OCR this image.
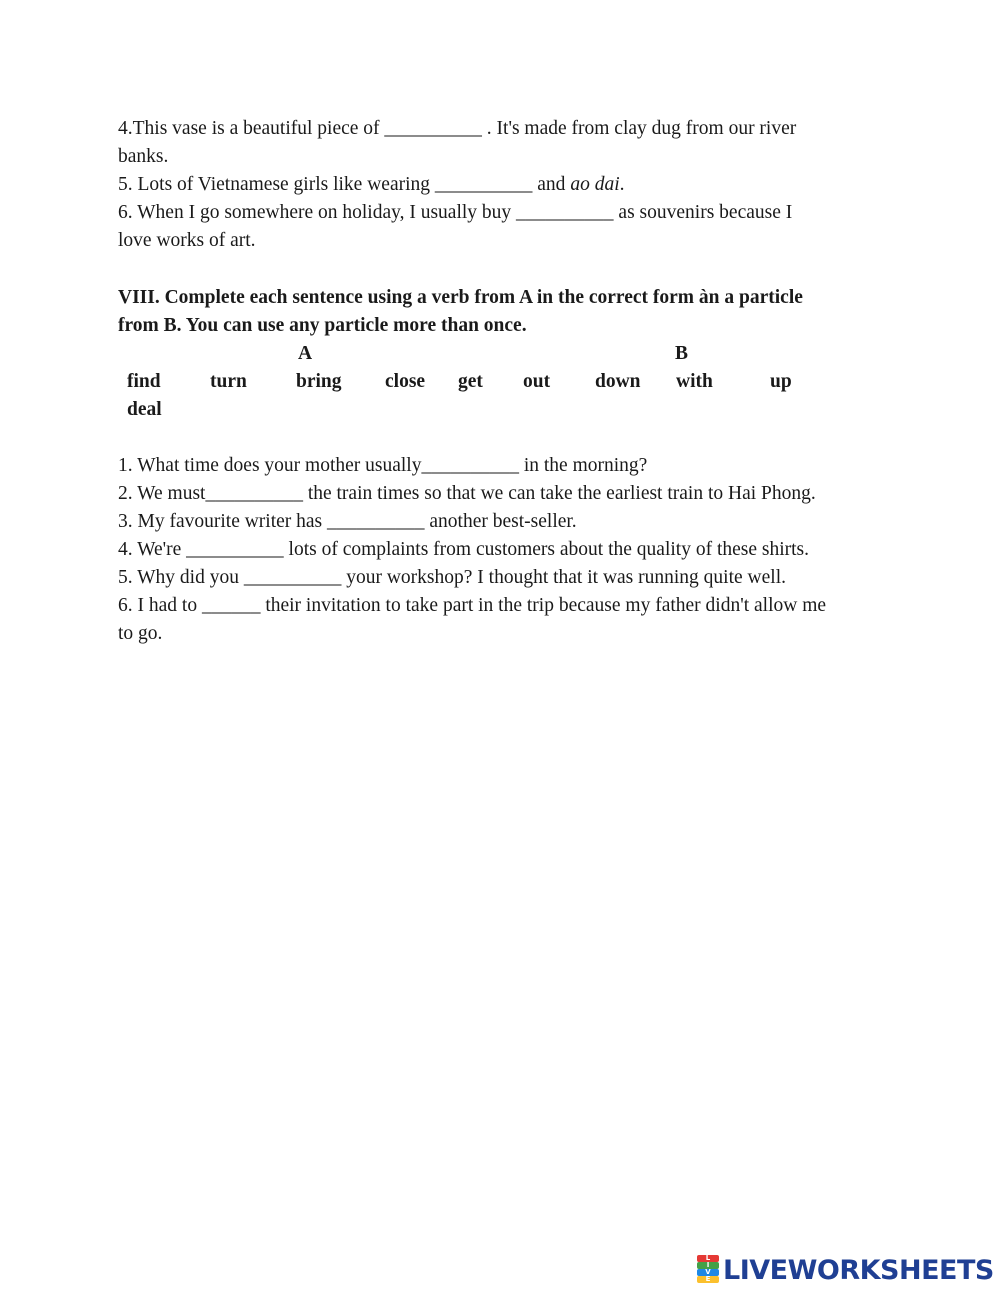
4.This vase is a beautiful piece of __________ . It's made from clay dug from our river
banks.
5. Lots of Vietnamese girls like wearing __________ and ao dai.
6. When I go somewhere on holiday, I usually buy __________ as souvenirs because I
love works of art.
VIII. Complete each sentence using a verb from A in the correct form àn a particle
from B. You can use any particle more than once.
A	B
find	turn	bring close get out down with	up
deal
1. What time does your mother usually__________ in the morning?
2. We must__________ the train times so that we can take the earliest train to Hai Phong.
3. My favourite writer has __________ another best-seller.
4. We're __________ lots of complaints from customers about the quality of these shirts.
5. Why did you __________ your workshop? I thought that it was running quite well.
6. I had to ______ their invitation to take part in the trip because my father didn't allow me
to go.
L
I
V
E LIVEWORKSHEETS
